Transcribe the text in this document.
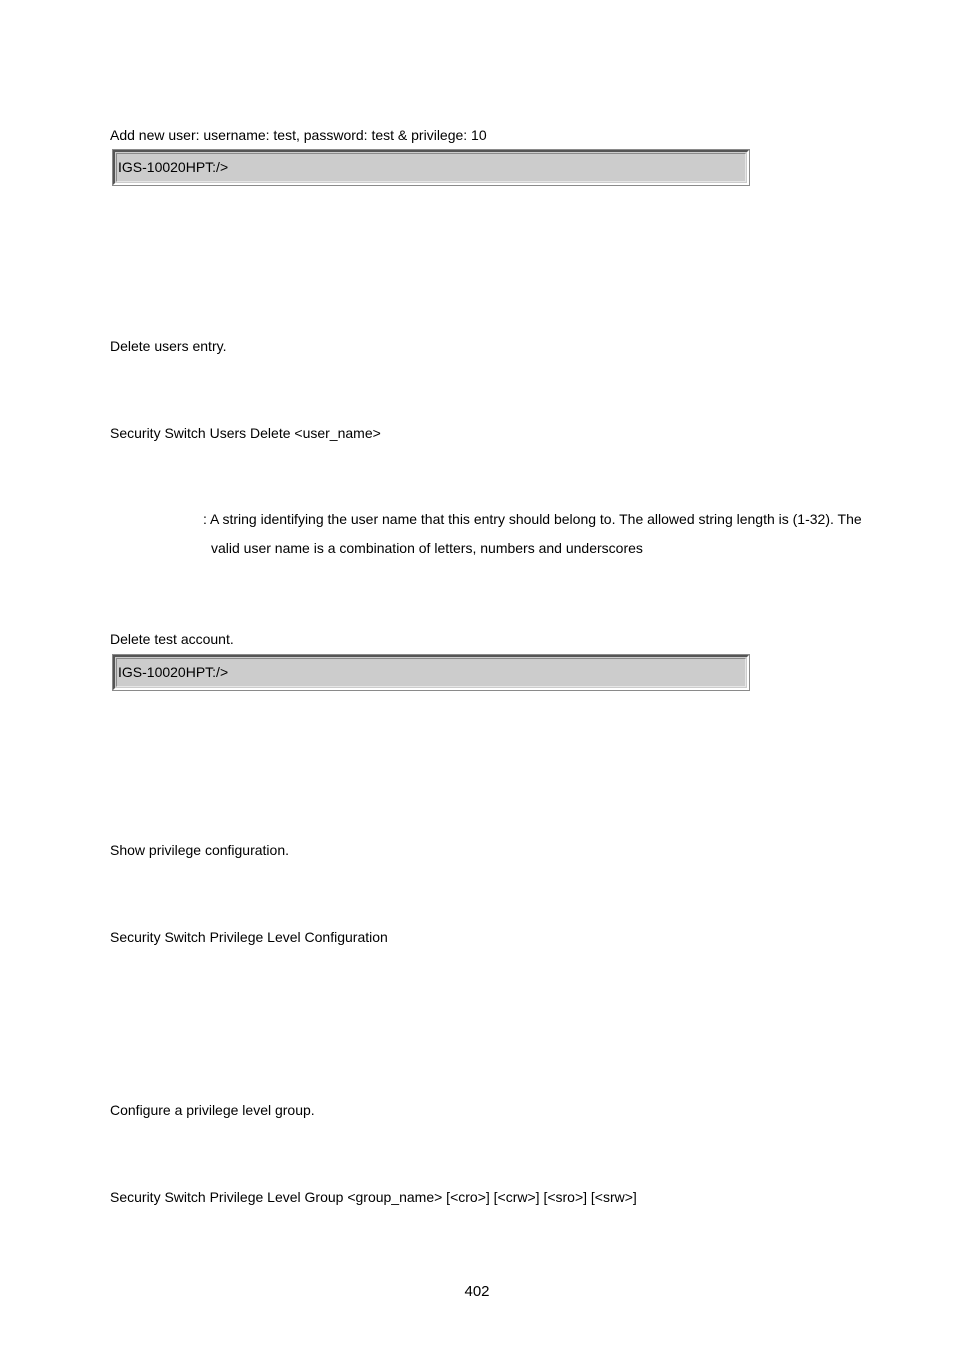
Add new user: username: test, password: test & privilege: 10
IGS-10020HPT:/>
Delete users entry.
Security Switch Users Delete <user_name>
: A string identifying the user name that this entry should belong to. The allowed string length is (1-32). The
valid user name is a combination of letters, numbers and underscores
Delete test account.
IGS-10020HPT:/>
Show privilege configuration.
Security Switch Privilege Level Configuration
Configure a privilege level group.
Security Switch Privilege Level Group <group_name> [<cro>] [<crw>] [<sro>] [<srw>]
402
